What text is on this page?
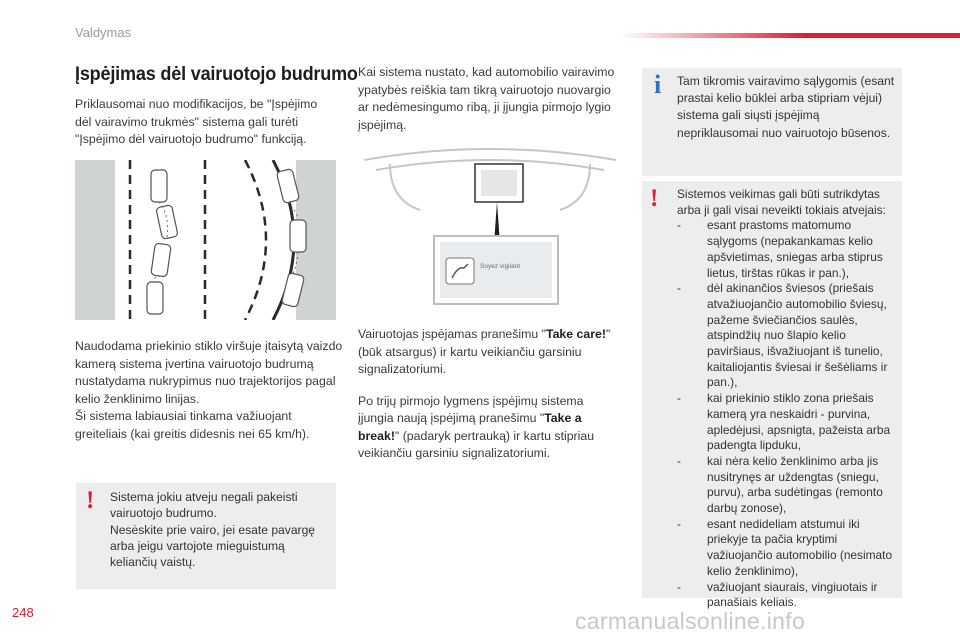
Valdymas
Įspėjimas dėl vairuotojo budrumo

Priklausomai nuo modifikacijos, be "Įspėjimo dėl vairavimo trukmės" sistema gali turėti "Įspėjimo dėl vairuotojo budrumo" funkciją.

Naudodama priekinio stiklo viršuje įtaisytą vaizdo kamerą sistema įvertina vairuotojo budrumą nustatydama nukrypimus nuo trajektorijos pagal kelio ženklinimo linijas.
Ši sistema labiausiai tinkama važiuojant greiteliais (kai greitis didesnis nei 65 km/h).
! Sistema jokiu atveju negali pakeisti vairuotojo budrumo.
Nesėskite prie vairo, jei esate pavargę arba jeigu vartojote mieguistumą keliančių vaistų.
Kai sistema nustato, kad automobilio vairavimo ypatybės reiškia tam tikrą vairuotojo nuovargio ar nedėmesingumo ribą, ji įjungia pirmojo lygio įspėjimą.
Soyez vigilant

Vairuotojas įspėjamas pranešimu "Take care!" (būk atsargus) ir kartu veikiančiu garsiniu signalizatoriumi.

Po trijų pirmojo lygmens įspėjimų sistema įjungia naują įspėjimą pranešimu "Take a break!" (padaryk pertrauką) ir kartu stipriau veikiančiu garsiniu signalizatoriumi.

i Tam tikromis vairavimo sąlygomis (esant prastai kelio būklei arba stipriam vėjui) sistema gali siųsti įspėjimą nepriklausomai nuo vairuotojo būsenos.
! Sistemos veikimas gali būti sutrikdytas arba ji gali visai neveikti tokiais atvejais:
- esant prastoms matomumo sąlygoms (nepakankamas kelio apšvietimas, sniegas arba stiprus lietus, tirštas rūkas ir pan.),
- dėl akinančios šviesos (priešais atvažiuojančio automobilio šviesų, pažeme šviečiančios saulės, atspindžių nuo šlapio kelio paviršiaus, išvažiuojant iš tunelio, kaitaliojantis šviesai ir šešėliams ir pan.),
- kai priekinio stiklo zona priešais kamerą yra neskaidri - purvina, apledėjusi, apsnigta, pažeista arba padengta lipduku,
- kai nėra kelio ženklinimo arba jis nusitrynęs ar uždengtas (sniegu, purvu), arba sudėtingas (remonto darbų zonose),
- esant nedideliam atstumui iki priekyje ta pačia kryptimi važiuojančio automobilio (nesimato kelio ženklinimo),
- važiuojant siaurais, vingiuotais ir panašiais keliais.
248	carmanualsonline.info
